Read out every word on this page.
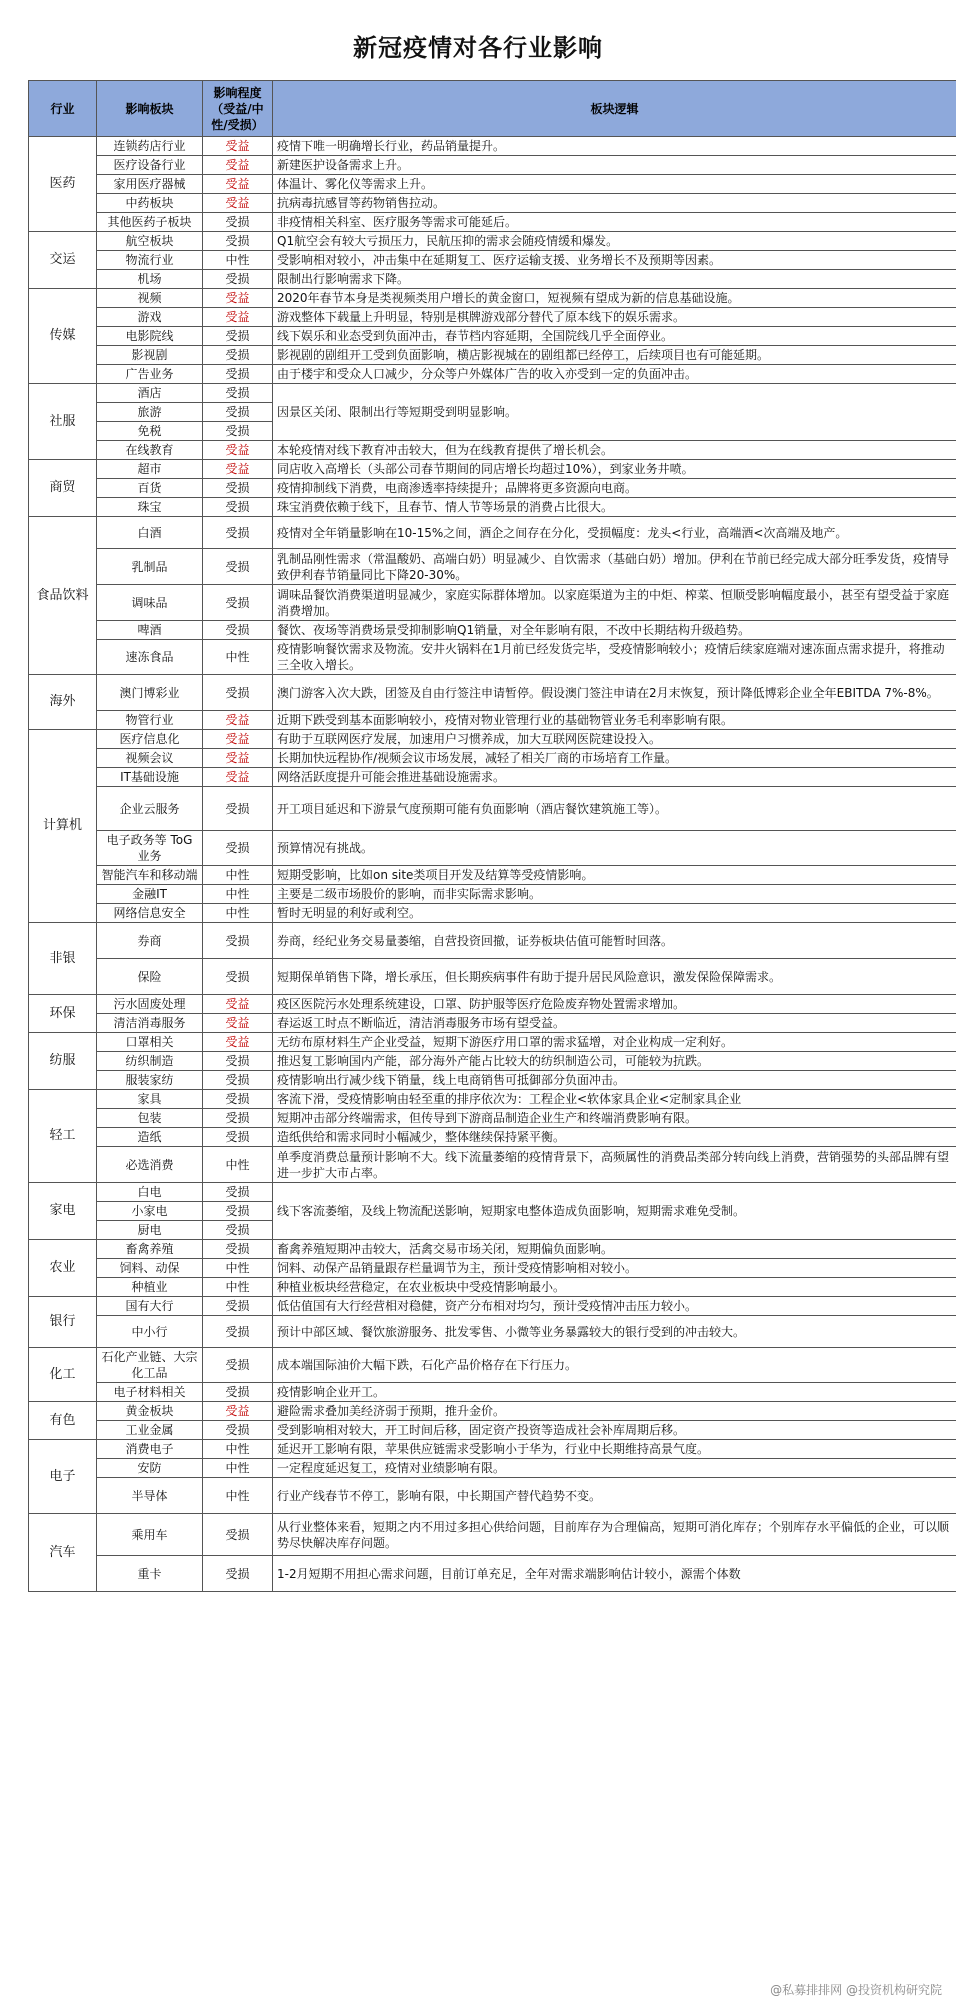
新冠疫情对各行业影响
行业	影响板块	影响程度（受益/中性/受损）	板块逻辑
医药	连锁药店行业	受益	疫情下唯一明确增长行业，药品销量提升。
	医疗设备行业	受益	新建医护设备需求上升。
	家用医疗器械	受益	体温计、雾化仪等需求上升。
	中药板块	受益	抗病毒抗感冒等药物销售拉动。
	其他医药子板块	受损	非疫情相关科室、医疗服务等需求可能延后。
交运	航空板块	受损	Q1航空会有较大亏损压力，民航压抑的需求会随疫情缓和爆发。
	物流行业	中性	受影响相对较小，冲击集中在延期复工、医疗运输支援、业务增长不及预期等因素。
	机场	受损	限制出行影响需求下降。
传媒	视频	受益	2020年春节本身是类视频类用户增长的黄金窗口，短视频有望成为新的信息基础设施。
	游戏	受益	游戏整体下载量上升明显，特别是棋牌游戏部分替代了原本线下的娱乐需求。
	电影院线	受损	线下娱乐和业态受到负面冲击，春节档内容延期，全国院线几乎全面停业。
	影视剧	受损	影视剧的剧组开工受到负面影响，横店影视城在的剧组都已经停工，后续项目也有可能延期。
	广告业务	受损	由于楼宇和受众人口减少，分众等户外媒体广告的收入亦受到一定的负面冲击。
社服	酒店	受损	因景区关闭、限制出行等短期受到明显影响。
	旅游	受损	
	免税	受损	
	在线教育	受益	本轮疫情对线下教育冲击较大，但为在线教育提供了增长机会。
商贸	超市	受益	同店收入高增长（头部公司春节期间的同店增长均超过10%），到家业务井喷。
	百货	受损	疫情抑制线下消费，电商渗透率持续提升；品牌将更多资源向电商。
	珠宝	受损	珠宝消费依赖于线下，且春节、情人节等场景的消费占比很大。
食品饮料	白酒	受损	疫情对全年销量影响在10-15%之间，酒企之间存在分化，受损幅度：龙头<行业，高端酒<次高端及地产。
	乳制品	受损	乳制品刚性需求（常温酸奶、高端白奶）明显减少、自饮需求（基础白奶）增加。伊利在节前已经完成大部分旺季发货，疫情导致伊利春节销量同比下降20-30%。
	调味品	受损	调味品餐饮消费渠道明显减少，家庭实际群体增加。以家庭渠道为主的中炬、榨菜、恒顺受影响幅度最小，甚至有望受益于家庭消费增加。
	啤酒	受损	餐饮、夜场等消费场景受抑制影响Q1销量，对全年影响有限，不改中长期结构升级趋势。
	速冻食品	中性	疫情影响餐饮需求及物流。安井火锅料在1月前已经发货完毕，受疫情影响较小；疫情后续家庭端对速冻面点需求提升，将推动三全收入增长。
海外	澳门博彩业	受损	澳门游客入次大跌，团签及自由行签注申请暂停。假设澳门签注申请在2月末恢复，预计降低博彩企业全年EBITDA 7%-8%。
	物管行业	受益	近期下跌受到基本面影响较小，疫情对物业管理行业的基础物管业务毛利率影响有限。
计算机	医疗信息化	受益	有助于互联网医疗发展，加速用户习惯养成，加大互联网医院建设投入。
	视频会议	受益	长期加快远程协作/视频会议市场发展，减轻了相关厂商的市场培育工作量。
	IT基础设施	受益	网络活跃度提升可能会推进基础设施需求。
	企业云服务	受损	开工项目延迟和下游景气度预期可能有负面影响（酒店餐饮建筑施工等）。
	电子政务等 ToG 业务	受损	预算情况有挑战。
	智能汽车和移动端	中性	短期受影响，比如on site类项目开发及结算等受疫情影响。
	金融IT	中性	主要是二级市场股价的影响，而非实际需求影响。
	网络信息安全	中性	暂时无明显的利好或利空。
非银	券商	受损	券商，经纪业务交易量萎缩，自营投资回撤，证券板块估值可能暂时回落。
	保险	受损	短期保单销售下降，增长承压，但长期疾病事件有助于提升居民风险意识，激发保险保障需求。
环保	污水固废处理	受益	疫区医院污水处理系统建设，口罩、防护服等医疗危险废弃物处置需求增加。
	清洁消毒服务	受益	春运返工时点不断临近，清洁消毒服务市场有望受益。
纺服	口罩相关	受益	无纺布原材料生产企业受益，短期下游医疗用口罩的需求猛增，对企业构成一定利好。
	纺织制造	受损	推迟复工影响国内产能，部分海外产能占比较大的纺织制造公司，可能较为抗跌。
	服装家纺	受损	疫情影响出行减少线下销量，线上电商销售可抵御部分负面冲击。
轻工	家具	受损	客流下滑，受疫情影响由轻至重的排序依次为：工程企业<软体家具企业<定制家具企业
	包装	受损	短期冲击部分终端需求，但传导到下游商品制造企业生产和终端消费影响有限。
	造纸	受损	造纸供给和需求同时小幅减少，整体继续保持紧平衡。
	必选消费	中性	单季度消费总量预计影响不大。线下流量萎缩的疫情背景下，高频属性的消费品类部分转向线上消费，营销强势的头部品牌有望进一步扩大市占率。
家电	白电	受损	线下客流萎缩，及线上物流配送影响，短期家电整体造成负面影响，短期需求难免受制。
	小家电	受损	
	厨电	受损	
农业	畜禽养殖	受损	畜禽养殖短期冲击较大，活禽交易市场关闭，短期偏负面影响。
	饲料、动保	中性	饲料、动保产品销量跟存栏量调节为主，预计受疫情影响相对较小。
	种植业	中性	种植业板块经营稳定，在农业板块中受疫情影响最小。
银行	国有大行	受损	低估值国有大行经营相对稳健，资产分布相对均匀，预计受疫情冲击压力较小。
	中小行	受损	预计中部区域、餐饮旅游服务、批发零售、小微等业务暴露较大的银行受到的冲击较大。
化工	石化产业链、大宗化工品	受损	成本端国际油价大幅下跌，石化产品价格存在下行压力。
	电子材料相关	受损	疫情影响企业开工。
有色	黄金板块	受益	避险需求叠加美经济弱于预期，推升金价。
	工业金属	受损	受到影响相对较大，开工时间后移，固定资产投资等造成社会补库周期后移。
电子	消费电子	中性	延迟开工影响有限，苹果供应链需求受影响小于华为，行业中长期维持高景气度。
	安防	中性	一定程度延迟复工，疫情对业绩影响有限。
	半导体	中性	行业产线春节不停工，影响有限，中长期国产替代趋势不变。
汽车	乘用车	受损	从行业整体来看，短期之内不用过多担心供给问题，目前库存为合理偏高，短期可消化库存；个别库存水平偏低的企业，可以顺势尽快解决库存问题。
	重卡	受损	1-2月短期不用担心需求问题，目前订单充足，全年对需求端影响估计较小，源需个体数
@私募排排网 @投资机构研究院
